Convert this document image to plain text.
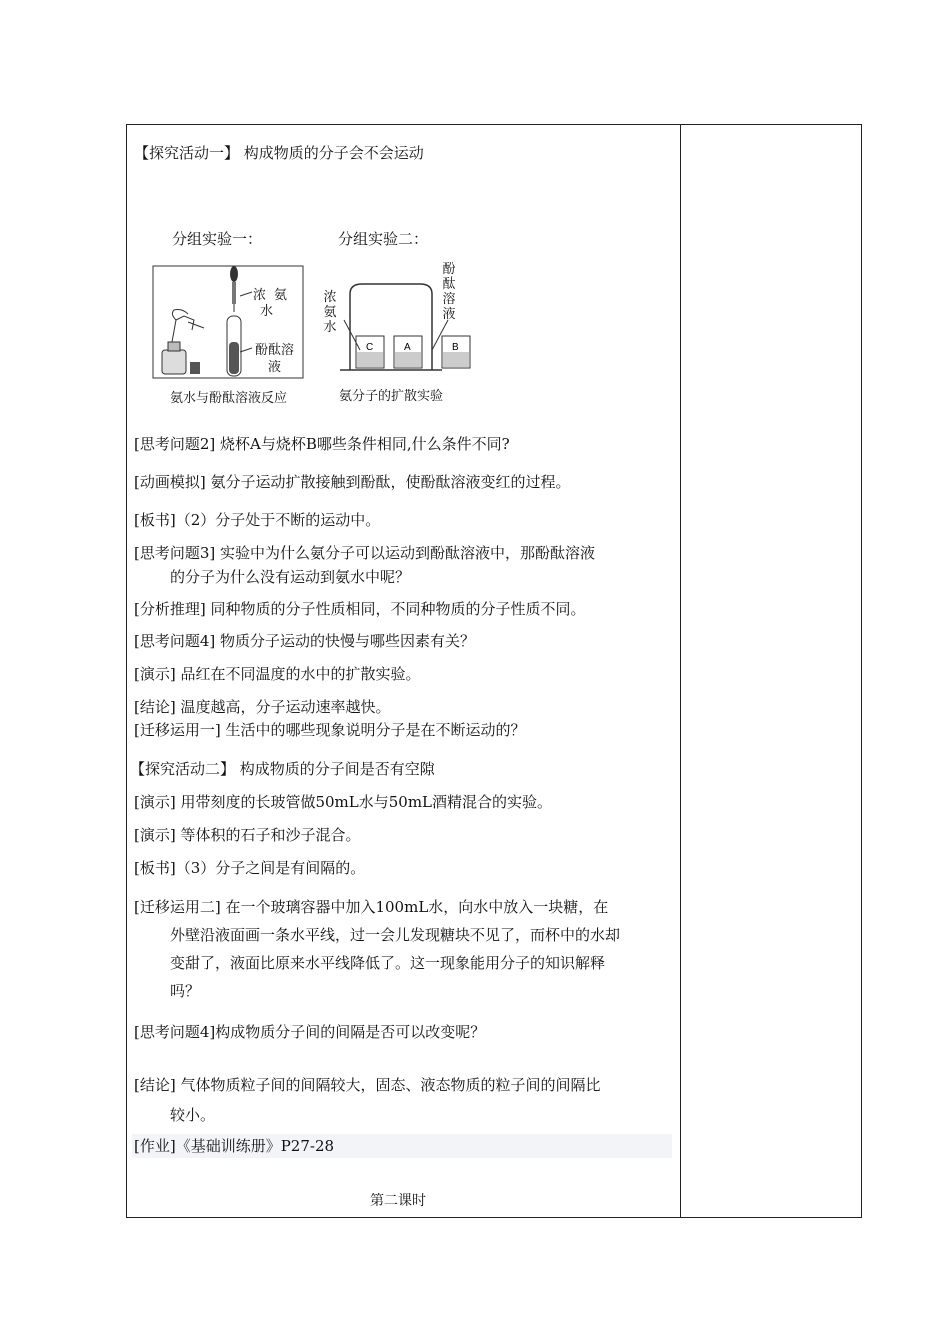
【探究活动一】 构成物质的分子会不会运动
分组实验一：	分组实验二：
浓 氨
水
酚酞溶
液
氨水与酚酞溶液反应
C	A	B
浓氨水
酚酞溶液
氨分子的扩散实验
[思考问题2] 烧杯A与烧杯B哪些条件相同,什么条件不同?
[动画模拟] 氨分子运动扩散接触到酚酞，使酚酞溶液变红的过程。
[板书]（2）分子处于不断的运动中。
[思考问题3] 实验中为什么氨分子可以运动到酚酞溶液中，那酚酞溶液
的分子为什么没有运动到氨水中呢？
[分析推理] 同种物质的分子性质相同，不同种物质的分子性质不同。
[思考问题4] 物质分子运动的快慢与哪些因素有关？
[演示] 品红在不同温度的水中的扩散实验。
[结论] 温度越高，分子运动速率越快。
[迁移运用一] 生活中的哪些现象说明分子是在不断运动的？
【探究活动二】 构成物质的分子间是否有空隙
[演示] 用带刻度的长玻管做50mL水与50mL酒精混合的实验。
[演示] 等体积的石子和沙子混合。
[板书]（3）分子之间是有间隔的。
[迁移运用二] 在一个玻璃容器中加入100mL水，向水中放入一块糖，在
外壁沿液面画一条水平线，过一会儿发现糖块不见了，而杯中的水却
变甜了，液面比原来水平线降低了。这一现象能用分子的知识解释
吗？
[思考问题4]构成物质分子间的间隔是否可以改变呢？
[结论] 气体物质粒子间的间隔较大，固态、液态物质的粒子间的间隔比
较小。
[作业]《基础训练册》P27-28
第二课时
